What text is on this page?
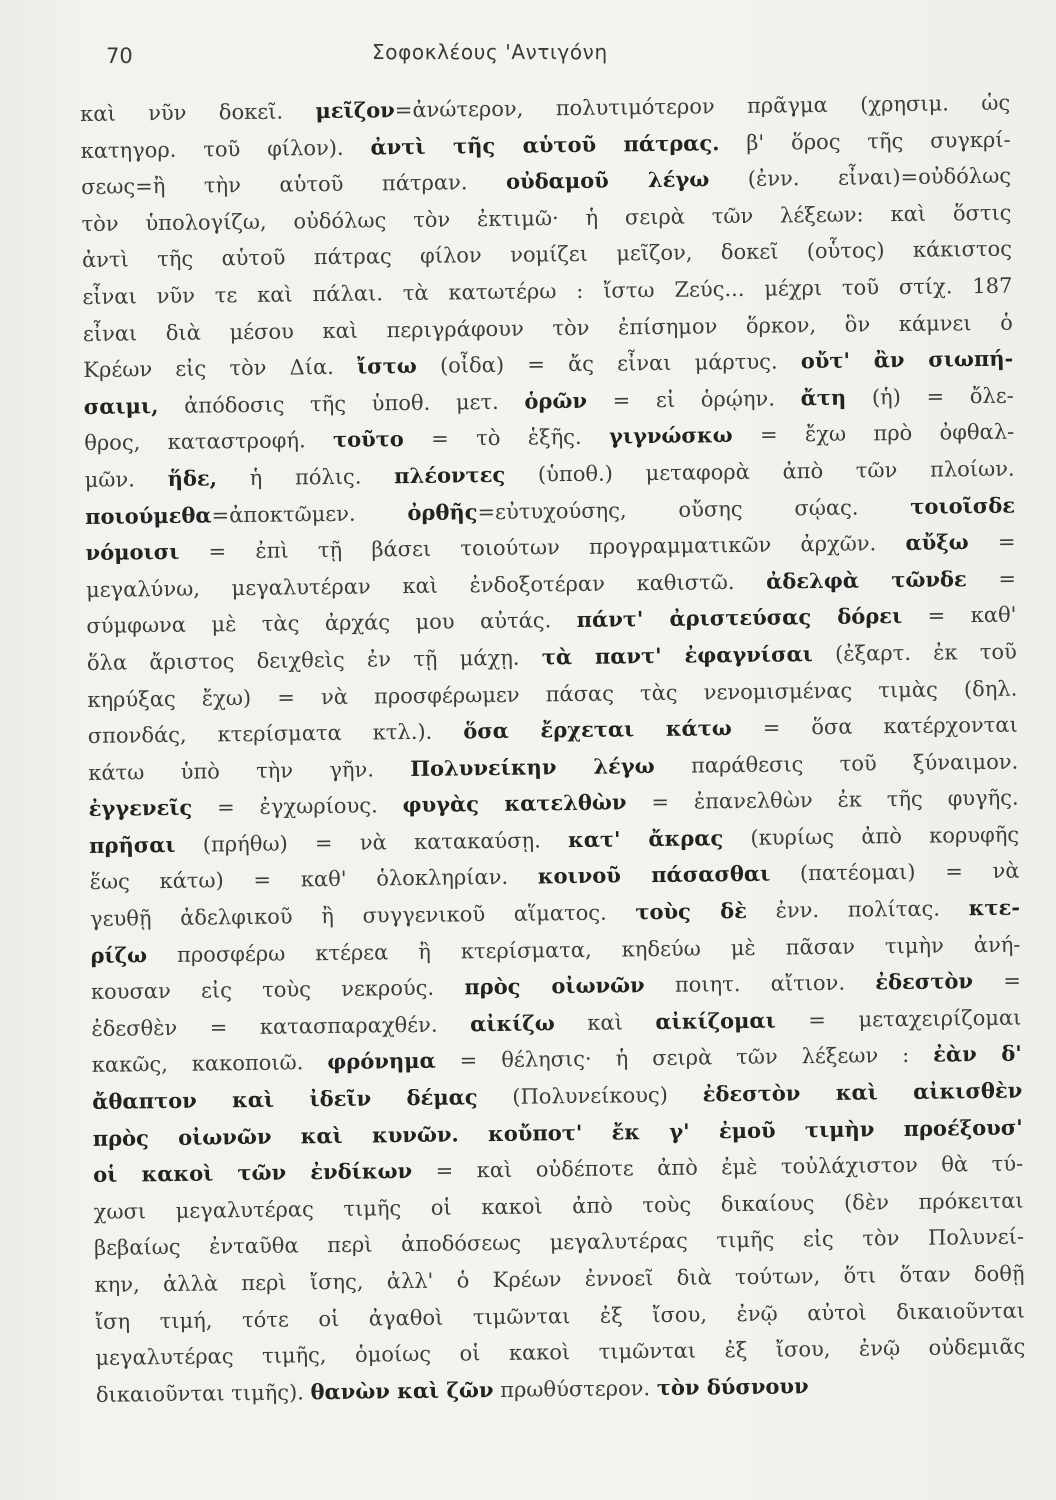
70	Σοφοκλέους 'Αντιγόνη
καὶ νῦν δοκεῖ. μεῖζον=ἀνώτερον, πολυτιμότερον πρᾶγμα (χρησιμ. ὡς
κατηγορ. τοῦ φίλον). ἀντὶ τῆς αὑτοῦ πάτρας. β' ὅρος τῆς συγκρί-
σεως=ἢ τὴν αὑτοῦ πάτραν. οὐδαμοῦ λέγω (ἐνν. εἶναι)=οὐδόλως
τὸν ὑπολογίζω, οὐδόλως τὸν ἐκτιμῶ· ἡ σειρὰ τῶν λέξεων: καὶ ὅστις
ἀντὶ τῆς αὑτοῦ πάτρας φίλον νομίζει μεῖζον, δοκεῖ (οὗτος) κάκιστος
εἶναι νῦν τε καὶ πάλαι. τὰ κατωτέρω : ἴστω Ζεύς... μέχρι τοῦ στίχ. 187
εἶναι διὰ μέσου καὶ περιγράφουν τὸν ἐπίσημον ὅρκον, ὃν κάμνει ὁ
Κρέων εἰς τὸν Δία. ἴστω (οἶδα) = ἄς εἶναι μάρτυς. οὔτ' ἂν σιωπή-
σαιμι, ἀπόδοσις τῆς ὑποθ. μετ. ὁρῶν = εἰ ὁρῴην. ἄτη (ἡ) = ὄλε-
θρος, καταστροφή. τοῦτο = τὸ ἑξῆς. γιγνώσκω = ἔχω πρὸ ὀφθαλ-
μῶν. ἥδε, ἡ πόλις. πλέοντες (ὑποθ.) μεταφορὰ ἀπὸ τῶν πλοίων.
ποιούμεθα=ἀποκτῶμεν. ὀρθῆς=εὐτυχούσης, οὔσης σῴας. τοιοῖσδε
νόμοισι = ἐπὶ τῇ βάσει τοιούτων προγραμματικῶν ἀρχῶν. αὔξω =
μεγαλύνω, μεγαλυτέραν καὶ ἐνδοξοτέραν καθιστῶ. ἀδελφὰ τῶνδε =
σύμφωνα μὲ τὰς ἀρχάς μου αὐτάς. πάντ' ἀριστεύσας δόρει = καθ'
ὅλα ἄριστος δειχθεὶς ἐν τῇ μάχῃ. τὰ παντ' ἐφαγνίσαι (ἐξαρτ. ἐκ τοῦ
κηρύξας ἔχω) = νὰ προσφέρωμεν πάσας τὰς νενομισμένας τιμὰς (δηλ.
σπονδάς, κτερίσματα κτλ.). ὅσα ἔρχεται κάτω = ὅσα κατέρχονται
κάτω ὑπὸ τὴν γῆν. Πολυνείκην λέγω παράθεσις τοῦ ξύναιμον.
ἐγγενεῖς = ἐγχωρίους. φυγὰς κατελθὼν = ἐπανελθὼν ἐκ τῆς φυγῆς.
πρῆσαι (πρήθω) = νὰ κατακαύσῃ. κατ' ἄκρας (κυρίως ἀπὸ κορυφῆς
ἕως κάτω) = καθ' ὁλοκληρίαν. κοινοῦ πάσασθαι (πατέομαι) = νὰ
γευθῇ ἀδελφικοῦ ἢ συγγενικοῦ αἵματος. τοὺς δὲ ἐνν. πολίτας. κτε-
ρίζω προσφέρω κτέρεα ἢ κτερίσματα, κηδεύω μὲ πᾶσαν τιμὴν ἀνή-
κουσαν εἰς τοὺς νεκρούς. πρὸς οἰωνῶν ποιητ. αἴτιον. ἐδεστὸν =
ἐδεσθὲν = κατασπαραχθέν. αἰκίζω καὶ αἰκίζομαι = μεταχειρίζομαι
κακῶς, κακοποιῶ. φρόνημα = θέλησις· ἡ σειρὰ τῶν λέξεων : ἐὰν δ'
ἄθαπτον καὶ ἰδεῖν δέμας (Πολυνείκους) ἐδεστὸν καὶ αἰκισθὲν
πρὸς οἰωνῶν καὶ κυνῶν. κοὔποτ' ἔκ γ' ἐμοῦ τιμὴν προέξουσ'
οἱ κακοὶ τῶν ἐνδίκων = καὶ οὐδέποτε ἀπὸ ἐμὲ τοὐλάχιστον θὰ τύ-
χωσι μεγαλυτέρας τιμῆς οἱ κακοὶ ἀπὸ τοὺς δικαίους (δὲν πρόκειται
βεβαίως ἐνταῦθα περὶ ἀποδόσεως μεγαλυτέρας τιμῆς εἰς τὸν Πολυνεί-
κην, ἀλλὰ περὶ ἴσης, ἀλλ' ὁ Κρέων ἐννοεῖ διὰ τούτων, ὅτι ὅταν δοθῇ
ἴση τιμή, τότε οἱ ἀγαθοὶ τιμῶνται ἐξ ἴσου, ἐνῷ αὐτοὶ δικαιοῦνται
μεγαλυτέρας τιμῆς, ὁμοίως οἱ κακοὶ τιμῶνται ἐξ ἴσου, ἐνῷ οὐδεμιᾶς
δικαιοῦνται τιμῆς). θανὼν καὶ ζῶν πρωθύστερον. τὸν δύσνουν
